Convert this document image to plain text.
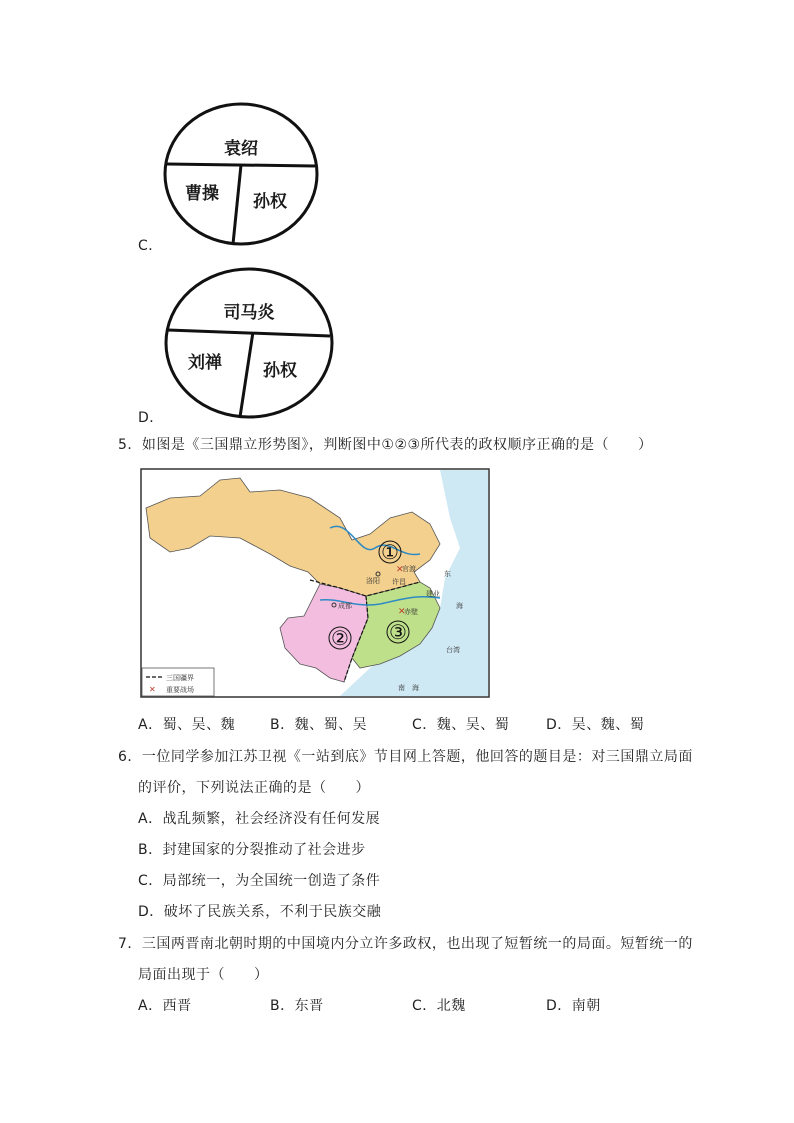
袁绍
曹操 孙权
C．
司马炎
刘禅 孙权
D．
5．如图是《三国鼎立形势图》，判断图中①②③所代表的政权顺序正确的是（　　）
①
② ③
洛阳
官渡
许昌
成都
建业
赤壁
东
海
南　海
台湾
✕
✕
三国疆界
✕ 重要战场
A．蜀、吴、魏 B．魏、蜀、吴	C．魏、吴、蜀	D．吴、魏、蜀
6．一位同学参加江苏卫视《一站到底》节目网上答题，他回答的题目是：对三国鼎立局面
的评价，下列说法正确的是（　　）
A．战乱频繁，社会经济没有任何发展
B．封建国家的分裂推动了社会进步
C．局部统一，为全国统一创造了条件
D．破坏了民族关系，不利于民族交融
7．三国两晋南北朝时期的中国境内分立许多政权，也出现了短暂统一的局面。短暂统一的
局面出现于（　　）
A．西晋	B．东晋	C．北魏	D．南朝
